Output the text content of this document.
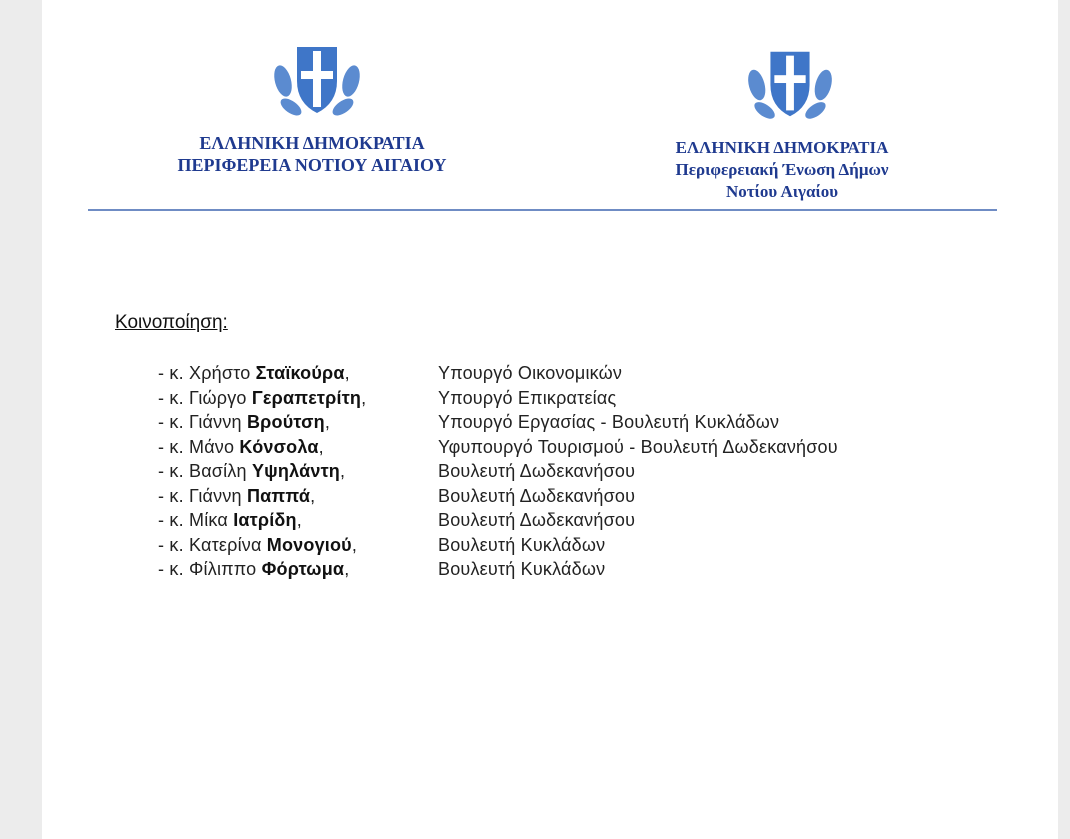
ΕΛΛΗΝΙΚΗ ΔΗΜΟΚΡΑΤΙΑ
ΠΕΡΙΦΕΡΕΙΑ ΝΟΤΙΟΥ ΑΙΓΑΙΟΥ
ΕΛΛΗΝΙΚΗ ΔΗΜΟΚΡΑΤΙΑ
Περιφερειακή Ένωση Δήμων
Νοτίου Αιγαίου
Κοινοποίηση:
- κ. Χρήστο Σταϊκούρα,	Υπουργό Οικονομικών
- κ. Γιώργο Γεραπετρίτη,	Υπουργό Επικρατείας
- κ. Γιάννη Βρούτση,	Υπουργό Εργασίας - Βουλευτή Κυκλάδων
- κ. Μάνο Κόνσολα,	Υφυπουργό Τουρισμού - Βουλευτή Δωδεκανήσου
- κ. Βασίλη Υψηλάντη,	Βουλευτή Δωδεκανήσου
- κ. Γιάννη Παππά,	Βουλευτή Δωδεκανήσου
- κ. Μίκα Ιατρίδη,	Βουλευτή Δωδεκανήσου
- κ. Κατερίνα Μονογιού,	Βουλευτή Κυκλάδων
- κ. Φίλιππο Φόρτωμα,	Βουλευτή Κυκλάδων
